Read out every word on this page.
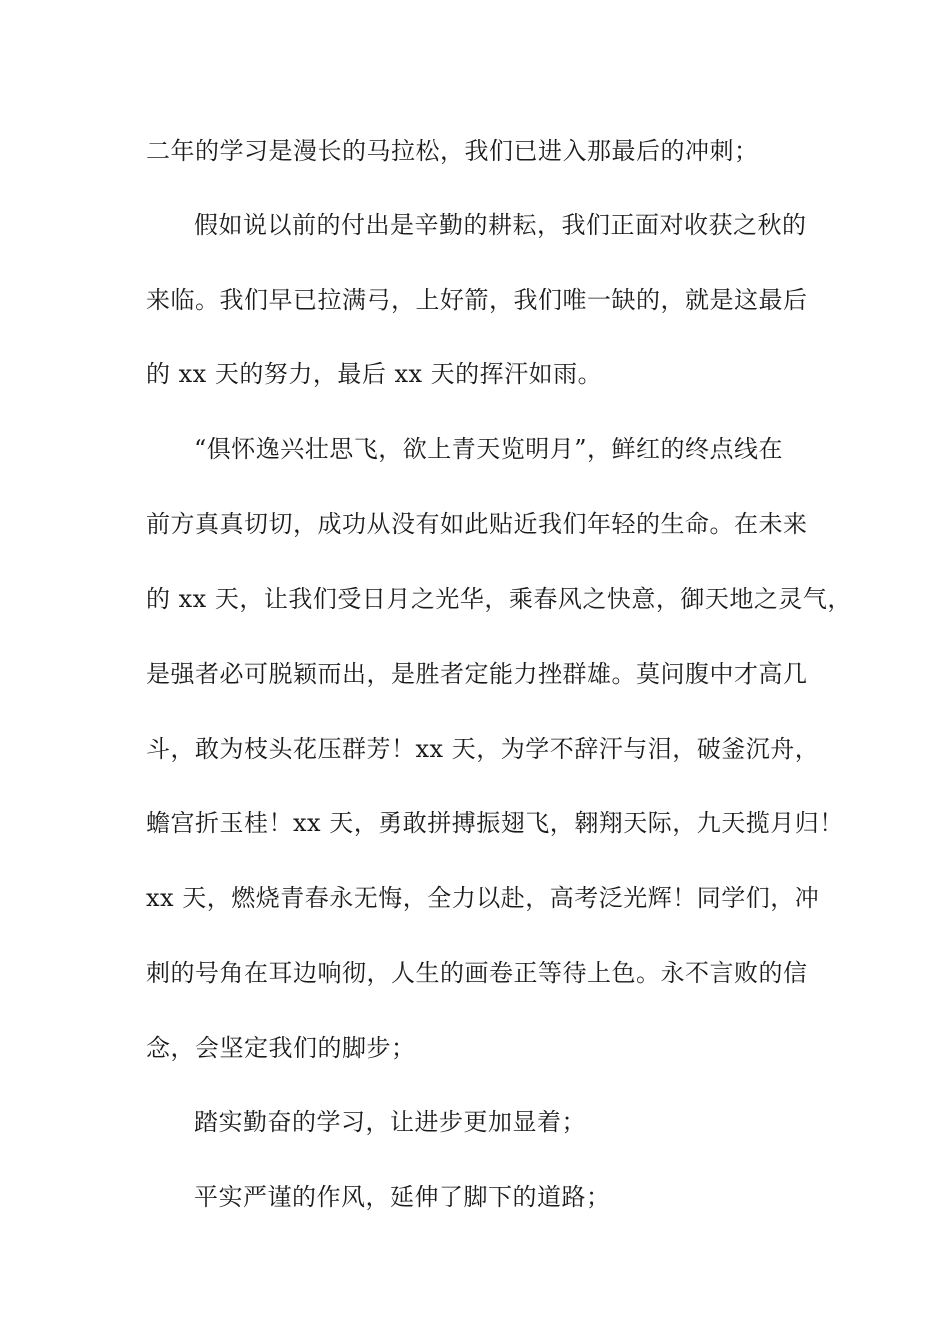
二年的学习是漫长的马拉松，我们已进入那最后的冲刺；
假如说以前的付出是辛勤的耕耘，我们正面对收获之秋的
来临。我们早已拉满弓，上好箭，我们唯一缺的，就是这最后
的 xx 天的努力，最后 xx 天的挥汗如雨。
“俱怀逸兴壮思飞，欲上青天览明月”，鲜红的终点线在
前方真真切切，成功从没有如此贴近我们年轻的生命。在未来
的 xx 天，让我们受日月之光华，乘春风之快意，御天地之灵气，
是强者必可脱颖而出，是胜者定能力挫群雄。莫问腹中才高几
斗，敢为枝头花压群芳！xx 天，为学不辞汗与泪，破釜沉舟，
蟾宫折玉桂！xx 天，勇敢拼搏振翅飞，翱翔天际，九天揽月归！
xx 天，燃烧青春永无悔，全力以赴，高考泛光辉！同学们，冲
刺的号角在耳边响彻，人生的画卷正等待上色。永不言败的信
念，会坚定我们的脚步；
踏实勤奋的学习，让进步更加显着；
平实严谨的作风，延伸了脚下的道路；
